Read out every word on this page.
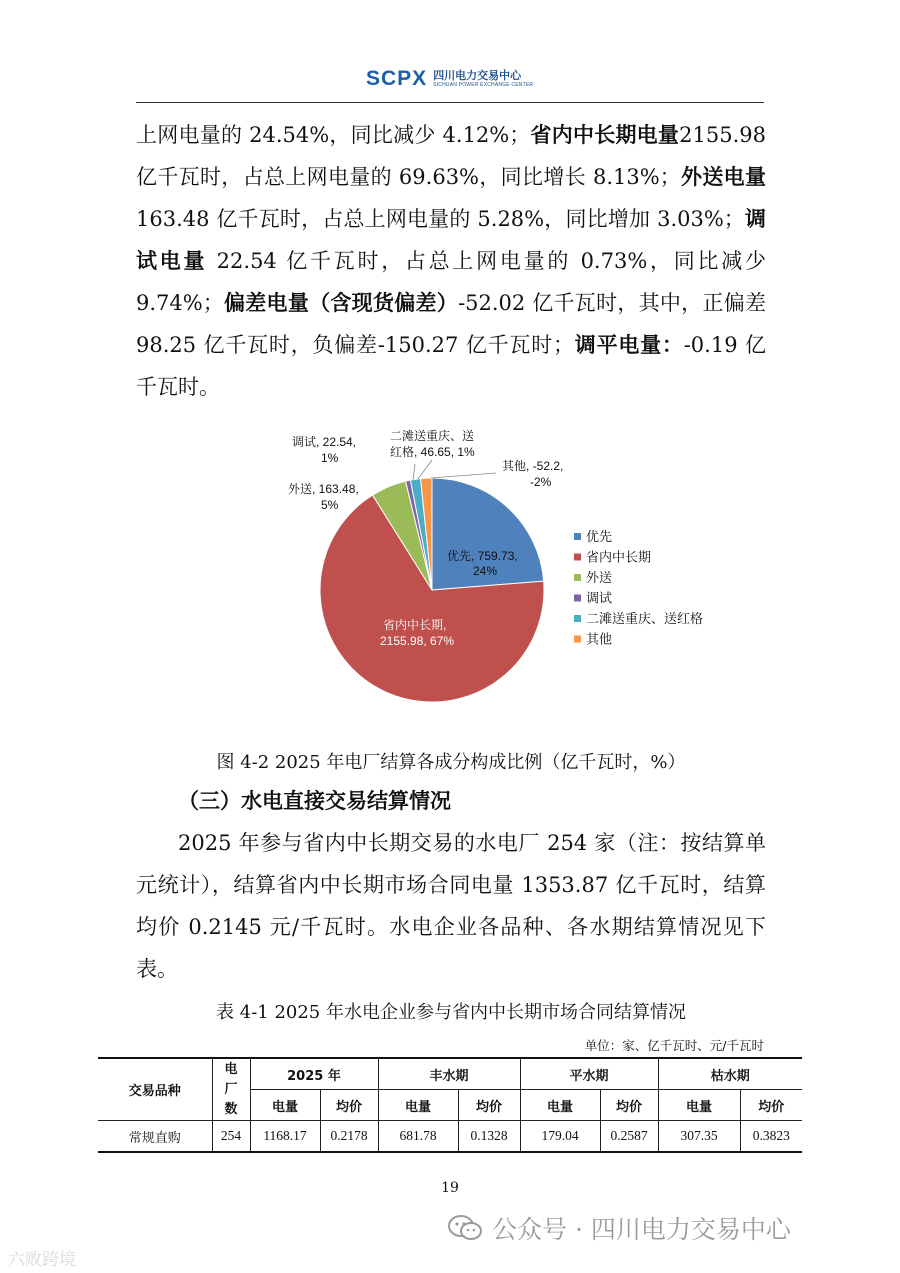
SCPX 四川电力交易中心
SICHUAN POWER EXCHANGE CENTER

上网电量的 24.54%，同比减少 4.12%；省内中长期电量2155.98 亿千瓦时，占总上网电量的 69.63%，同比增长 8.13%；外送电量 163.48 亿千瓦时，占总上网电量的 5.28%，同比增加 3.03%；调试电量 22.54 亿千瓦时，占总上网电量的 0.73%，同比减少 9.74%；偏差电量（含现货偏差）-52.02 亿千瓦时，其中，正偏差 98.25 亿千瓦时，负偏差-150.27 亿千瓦时；调平电量：-0.19 亿千瓦时。

优先, 759.73, 24%
省内中长期, 2155.98, 67%
外送, 163.48, 5%
调试, 22.54, 1%
二滩送重庆、送 红格, 46.65, 1%
其他, -52.2, -2%
优先
省内中长期
外送
调试
二滩送重庆、送红格
其他

图 4-2 2025 年电厂结算各成分构成比例（亿千瓦时，%）

（三）水电直接交易结算情况

2025 年参与省内中长期交易的水电厂 254 家（注：按结算单元统计），结算省内中长期市场合同电量 1353.87 亿千瓦时，结算均价 0.2145 元/千瓦时。水电企业各品种、各水期结算情况见下表。

表 4-1 2025 年水电企业参与省内中长期市场合同结算情况

单位：家、亿千瓦时、元/千瓦时

交易品种	电
厂
数	2025 年		丰水期		平水期		枯水期	
		电量	均价	电量	均价	电量	均价	电量	均价
常规直购	254	1168.17	0.2178	681.78	0.1328	179.04	0.2587	307.35	0.3823

19

公众号 · 四川电力交易中心
六败跨境
